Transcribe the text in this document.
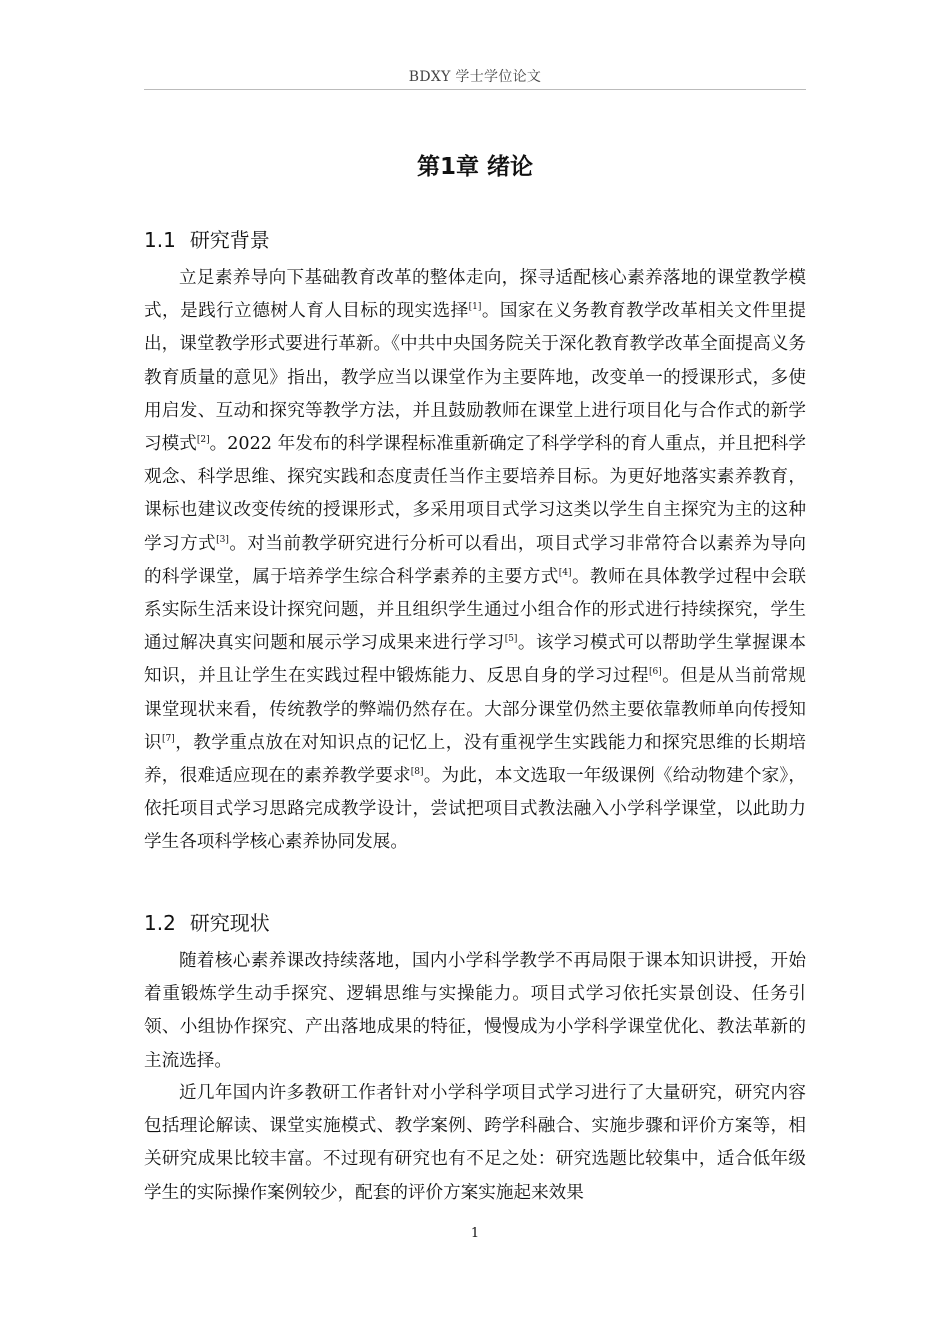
BDXY 学士学位论文
第1章 绪论
1.1 研究背景

立足素养导向下基础教育改革的整体走向，探寻适配核心素养落地的课堂教学模式，是践行立德树人育人目标的现实选择[1]。国家在义务教育教学改革相关文件里提出，课堂教学形式要进行革新。《中共中央国务院关于深化教育教学改革全面提高义务教育质量的意见》指出，教学应当以课堂作为主要阵地，改变单一的授课形式，多使用启发、互动和探究等教学方法，并且鼓励教师在课堂上进行项目化与合作式的新学习模式[2]。2022 年发布的科学课程标准重新确定了科学学科的育人重点，并且把科学观念、科学思维、探究实践和态度责任当作主要培养目标。为更好地落实素养教育，课标也建议改变传统的授课形式，多采用项目式学习这类以学生自主探究为主的这种学习方式[3]。对当前教学研究进行分析可以看出，项目式学习非常符合以素养为导向的科学课堂，属于培养学生综合科学素养的主要方式[4]。教师在具体教学过程中会联系实际生活来设计探究问题，并且组织学生通过小组合作的形式进行持续探究，学生通过解决真实问题和展示学习成果来进行学习[5]。该学习模式可以帮助学生掌握课本知识，并且让学生在实践过程中锻炼能力、反思自身的学习过程[6]。但是从当前常规课堂现状来看，传统教学的弊端仍然存在。大部分课堂仍然主要依靠教师单向传授知识[7]，教学重点放在对知识点的记忆上，没有重视学生实践能力和探究思维的长期培养，很难适应现在的素养教学要求[8]。为此，本文选取一年级课例《给动物建个家》，依托项目式学习思路完成教学设计，尝试把项目式教法融入小学科学课堂，以此助力学生各项科学核心素养协同发展。

1.2 研究现状

随着核心素养课改持续落地，国内小学科学教学不再局限于课本知识讲授，开始着重锻炼学生动手探究、逻辑思维与实操能力。项目式学习依托实景创设、任务引领、小组协作探究、产出落地成果的特征，慢慢成为小学科学课堂优化、教法革新的主流选择。

近几年国内许多教研工作者针对小学科学项目式学习进行了大量研究，研究内容包括理论解读、课堂实施模式、教学案例、跨学科融合、实施步骤和评价方案等，相关研究成果比较丰富。不过现有研究也有不足之处：研究选题比较集中，适合低年级学生的实际操作案例较少，配套的评价方案实施起来效果

1
